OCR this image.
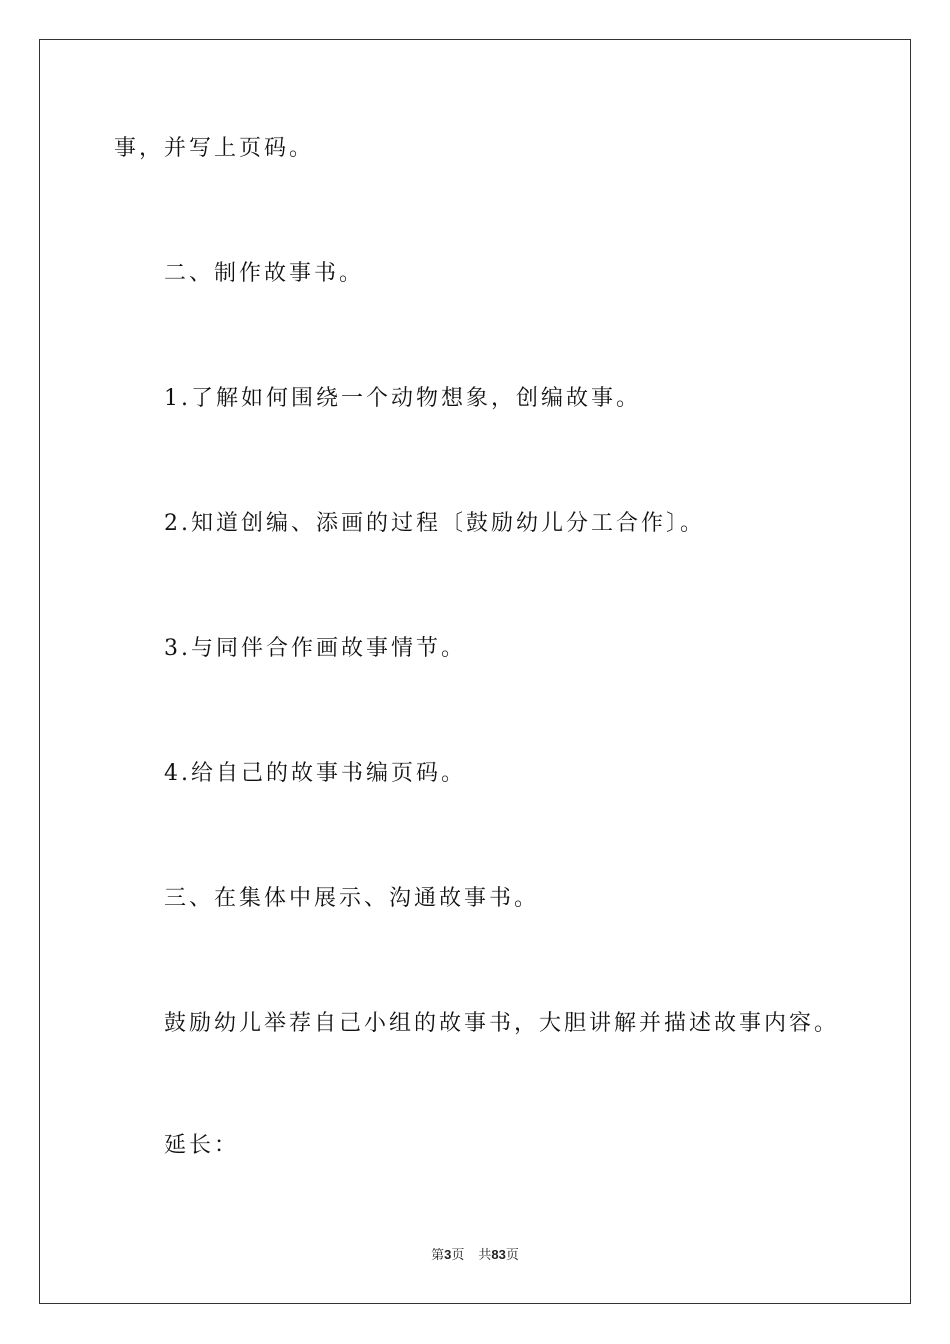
事，并写上页码。

二、制作故事书。

1.了解如何围绕一个动物想象，创编故事。

2.知道创编、添画的过程〔鼓励幼儿分工合作〕。

3.与同伴合作画故事情节。

4.给自己的故事书编页码。

三、在集体中展示、沟通故事书。

鼓励幼儿举荐自己小组的故事书，大胆讲解并描述故事内容。

延长：

第3页 共83页
